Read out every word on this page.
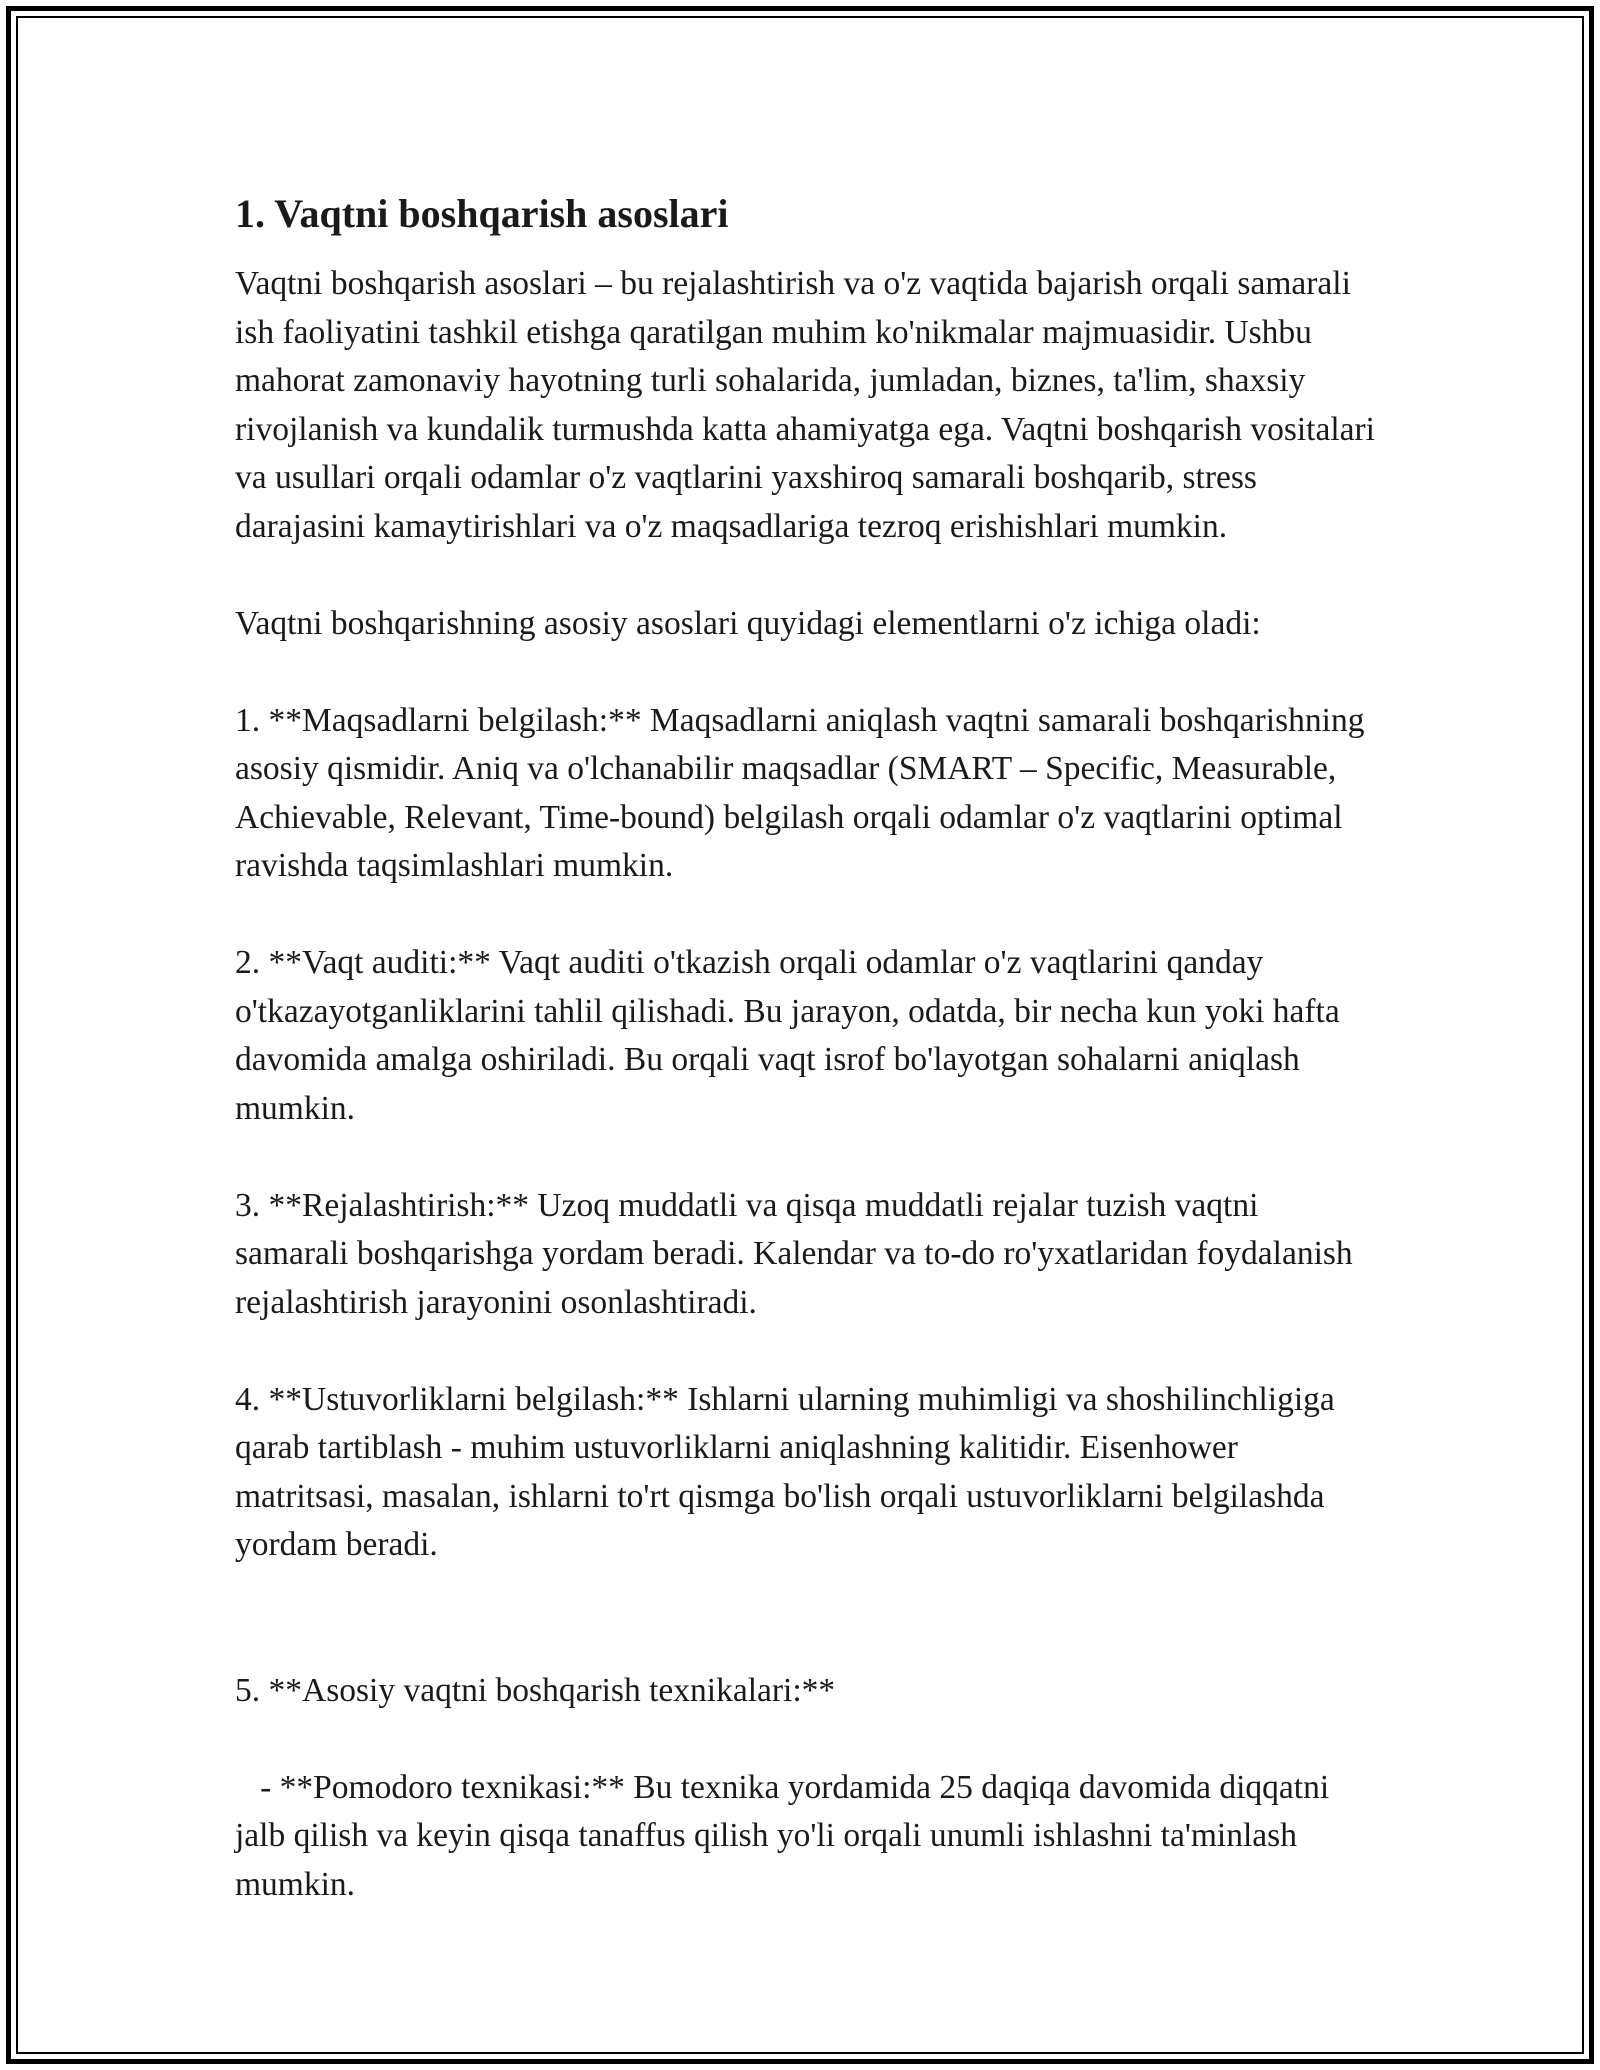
1. Vaqtni boshqarish asoslari

Vaqtni boshqarish asoslari – bu rejalashtirish va o'z vaqtida bajarish orqali samarali ish faoliyatini tashkil etishga qaratilgan muhim ko'nikmalar majmuasidir. Ushbu mahorat zamonaviy hayotning turli sohalarida, jumladan, biznes, ta'lim, shaxsiy rivojlanish va kundalik turmushda katta ahamiyatga ega. Vaqtni boshqarish vositalari va usullari orqali odamlar o'z vaqtlarini yaxshiroq samarali boshqarib, stress darajasini kamaytirishlari va o'z maqsadlariga tezroq erishishlari mumkin.

Vaqtni boshqarishning asosiy asoslari quyidagi elementlarni o'z ichiga oladi:

1. **Maqsadlarni belgilash:** Maqsadlarni aniqlash vaqtni samarali boshqarishning asosiy qismidir. Aniq va o'lchanabilir maqsadlar (SMART – Specific, Measurable, Achievable, Relevant, Time-bound) belgilash orqali odamlar o'z vaqtlarini optimal ravishda taqsimlashlari mumkin.

2. **Vaqt auditi:** Vaqt auditi o'tkazish orqali odamlar o'z vaqtlarini qanday o'tkazayotganliklarini tahlil qilishadi. Bu jarayon, odatda, bir necha kun yoki hafta davomida amalga oshiriladi. Bu orqali vaqt isrof bo'layotgan sohalarni aniqlash mumkin.

3. **Rejalashtirish:** Uzoq muddatli va qisqa muddatli rejalar tuzish vaqtni samarali boshqarishga yordam beradi. Kalendar va to-do ro'yxatlaridan foydalanish rejalashtirish jarayonini osonlashtiradi.

4. **Ustuvorliklarni belgilash:** Ishlarni ularning muhimligi va shoshilinchligiga qarab tartiblash - muhim ustuvorliklarni aniqlashning kalitidir. Eisenhower matritsasi, masalan, ishlarni to'rt qismga bo'lish orqali ustuvorliklarni belgilashda yordam beradi.

5. **Asosiy vaqtni boshqarish texnikalari:**

- **Pomodoro texnikasi:** Bu texnika yordamida 25 daqiqa davomida diqqatni jalb qilish va keyin qisqa tanaffus qilish yo'li orqali unumli ishlashni ta'minlash mumkin.
